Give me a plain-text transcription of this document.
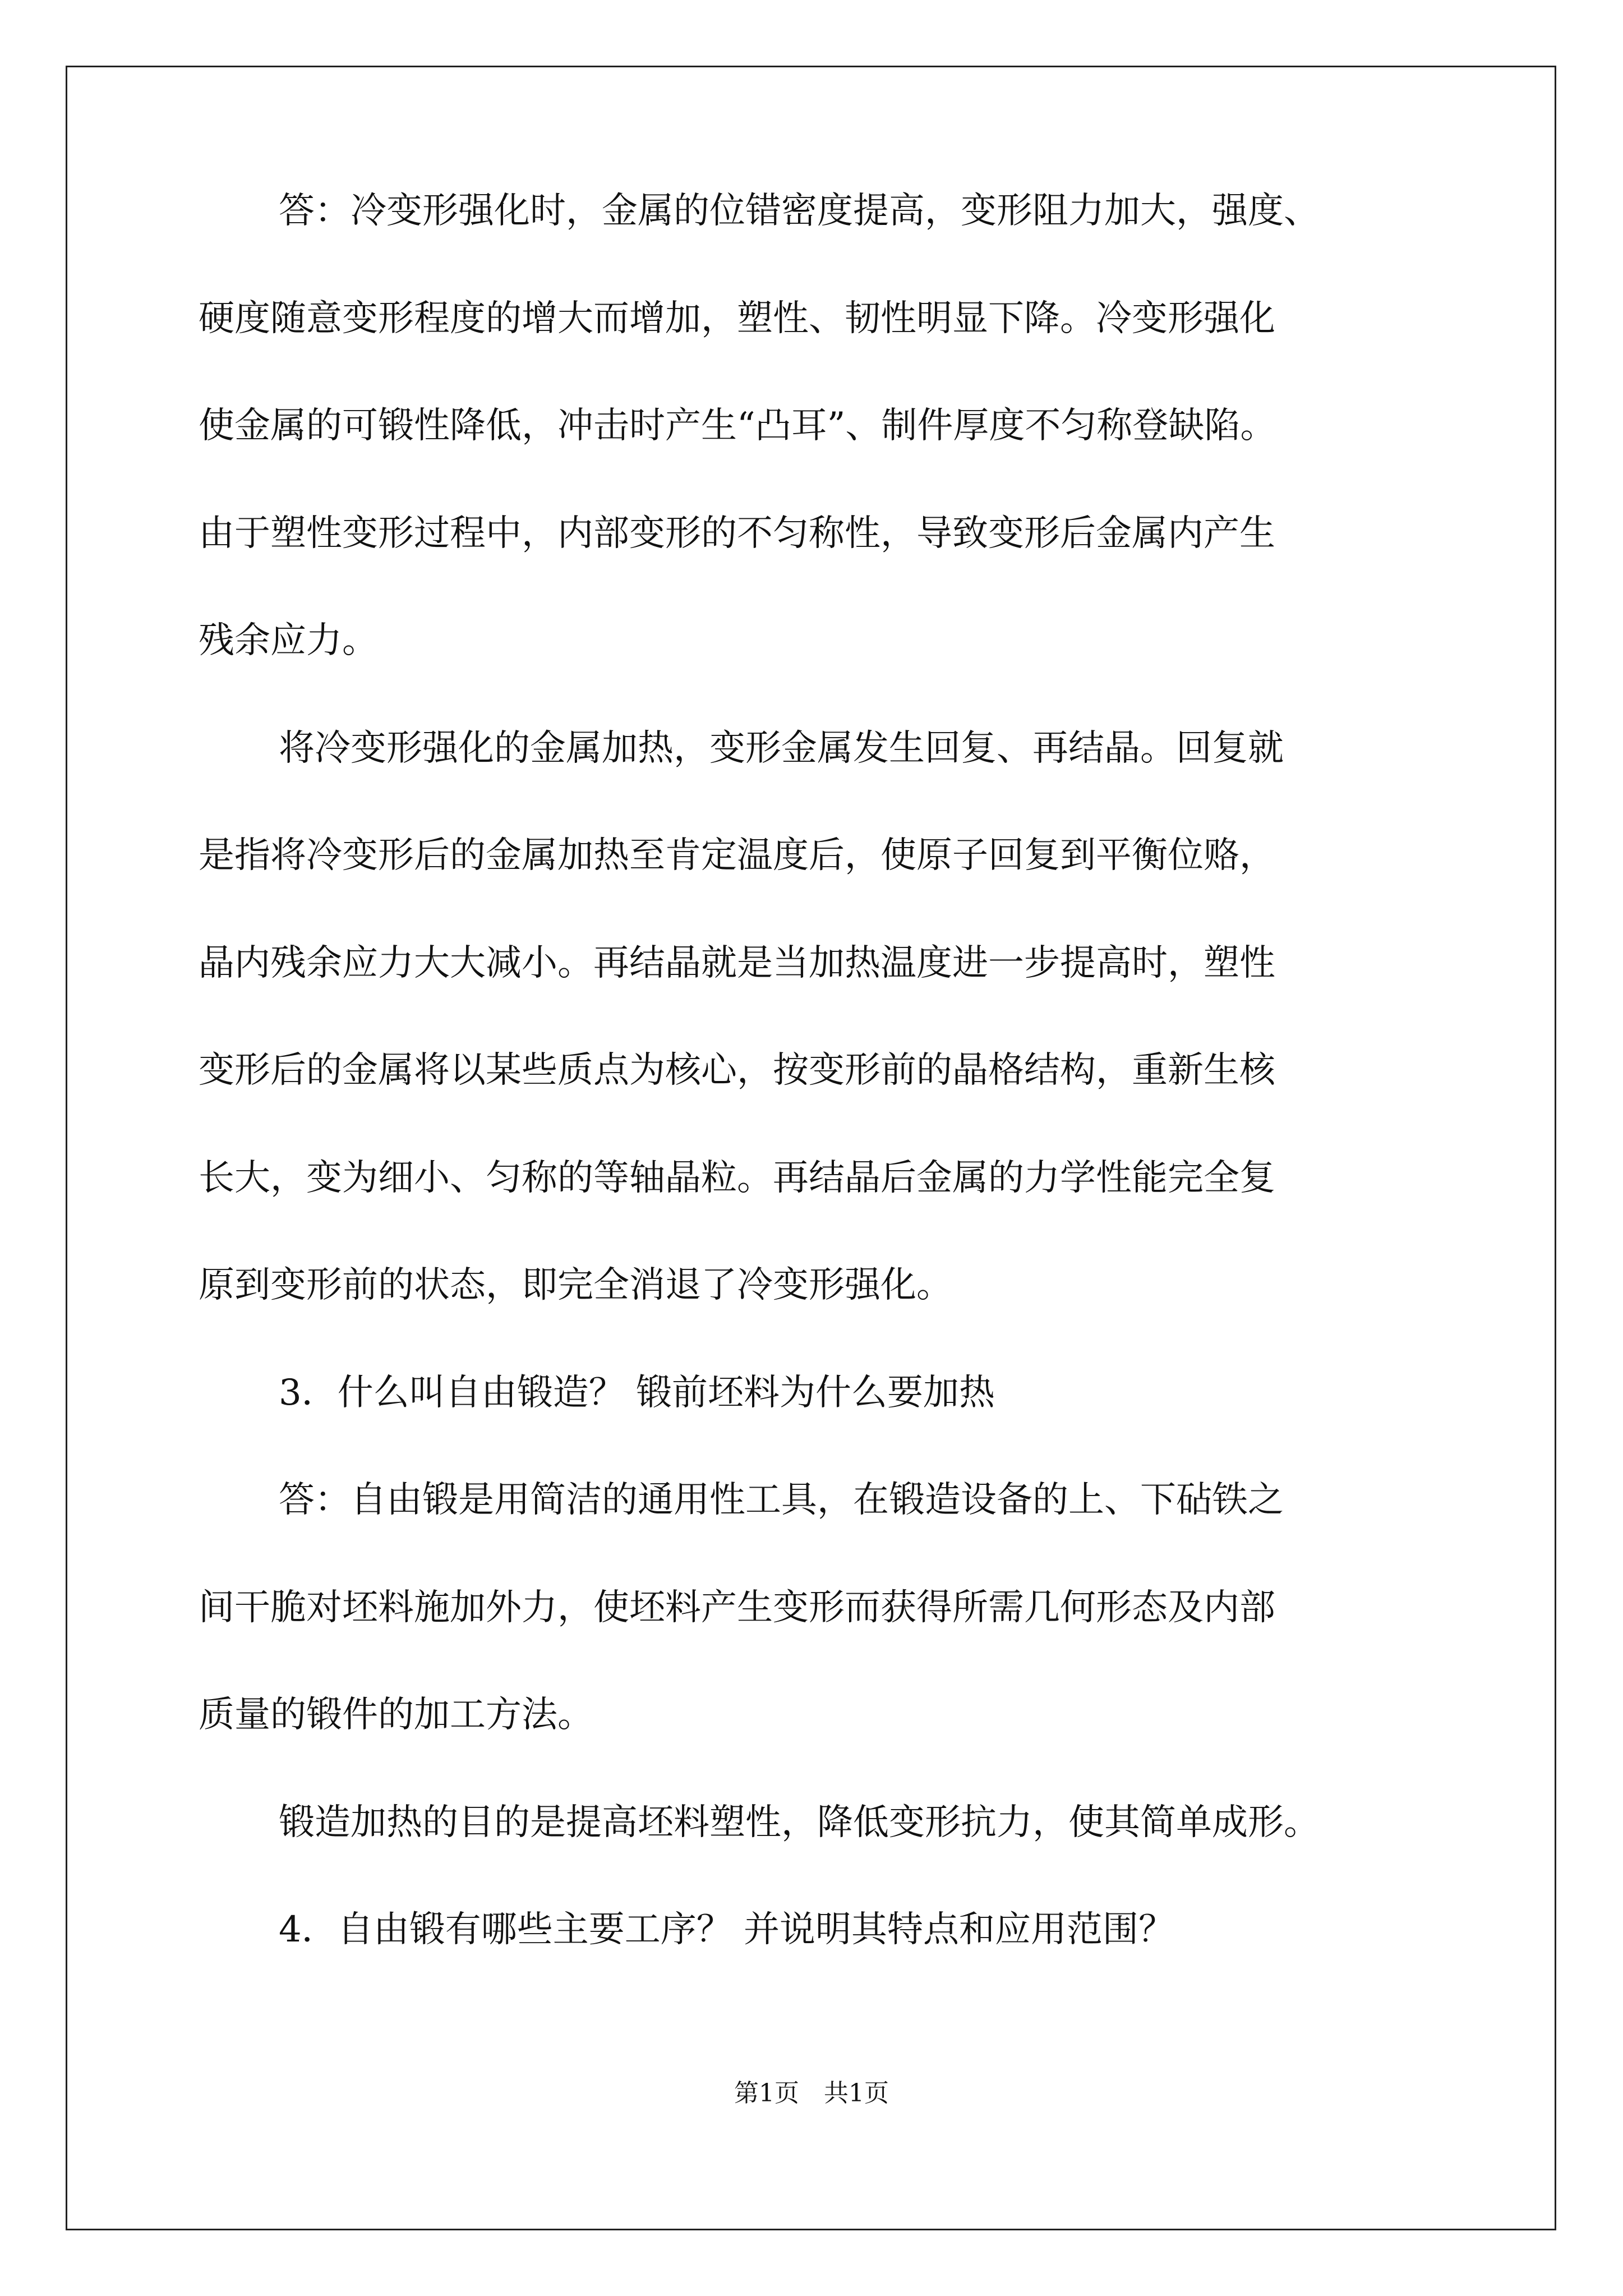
答：冷变形强化时，金属的位错密度提高，变形阻力加大，强度、
硬度随意变形程度的增大而增加，塑性、韧性明显下降。冷变形强化
使金属的可锻性降低，冲击时产生“凸耳”、制件厚度不匀称登缺陷。
由于塑性变形过程中，内部变形的不匀称性，导致变形后金属内产生
残余应力。
将冷变形强化的金属加热，变形金属发生回复、再结晶。回复就
是指将冷变形后的金属加热至肯定温度后，使原子回复到平衡位赂，
晶内残余应力大大减小。再结晶就是当加热温度进一步提高时，塑性
变形后的金属将以某些质点为核心，按变形前的晶格结构，重新生核
长大，变为细小、匀称的等轴晶粒。再结晶后金属的力学性能完全复
原到变形前的状态，即完全消退了冷变形强化。
3．什么叫自由锻造？ 锻前坯料为什么要加热
答：自由锻是用简洁的通用性工具，在锻造设备的上、下砧铁之
间干脆对坯料施加外力，使坯料产生变形而获得所需几何形态及内部
质量的锻件的加工方法。
锻造加热的目的是提高坯料塑性，降低变形抗力，使其简单成形。
4．自由锻有哪些主要工序？ 并说明其特点和应用范围？
第1页　共1页
